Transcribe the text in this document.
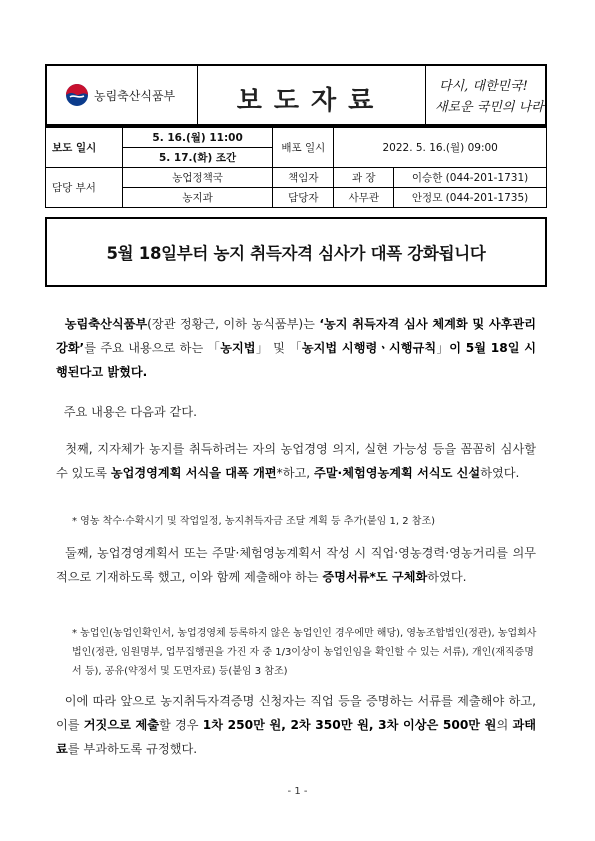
농림축산식품부	보도자료	다시, 대한민국!
새로운 국민의 나라
보도 일시	5. 16.(월) 11:00	배포 일시	2022. 5. 16.(월) 09:00	
	5. 17.(화) 조간			
담당 부서	농업정책국	책임자	과 장	이승한 (044-201-1731)
	농지과	담당자	사무관	안정모 (044-201-1735)
5월 18일부터 농지 취득자격 심사가 대폭 강화됩니다
농림축산식품부(장관 정황근, 이하 농식품부)는 ‘농지 취득자격 심사 체계화 및 사후관리 강화’를 주요 내용으로 하는 「농지법」 및 「농지법 시행령ㆍ시행규칙」이 5월 18일 시행된다고 밝혔다.
주요 내용은 다음과 같다.
첫째, 지자체가 농지를 취득하려는 자의 농업경영 의지, 실현 가능성 등을 꼼꼼히 심사할 수 있도록 농업경영계획 서식을 대폭 개편*하고, 주말·체험영농계획 서식도 신설하였다.
* 영농 착수·수확시기 및 작업일정, 농지취득자금 조달 계획 등 추가(붙임 1, 2 참조)
둘째, 농업경영계획서 또는 주말·체험영농계획서 작성 시 직업·영농경력·영농거리를 의무적으로 기재하도록 했고, 이와 함께 제출해야 하는 증명서류*도 구체화하였다.
* 농업인(농업인확인서, 농업경영체 등록하지 않은 농업인인 경우에만 해당), 영농조합법인(정관), 농업회사법인(정관, 임원명부, 업무집행권을 가진 자 중 1/3이상이 농업인임을 확인할 수 있는 서류), 개인(재직증명서 등), 공유(약정서 및 도면자료) 등(붙임 3 참조)
이에 따라 앞으로 농지취득자격증명 신청자는 직업 등을 증명하는 서류를 제출해야 하고, 이를 거짓으로 제출할 경우 1차 250만 원, 2차 350만 원, 3차 이상은 500만 원의 과태료를 부과하도록 규정했다.
- 1 -
